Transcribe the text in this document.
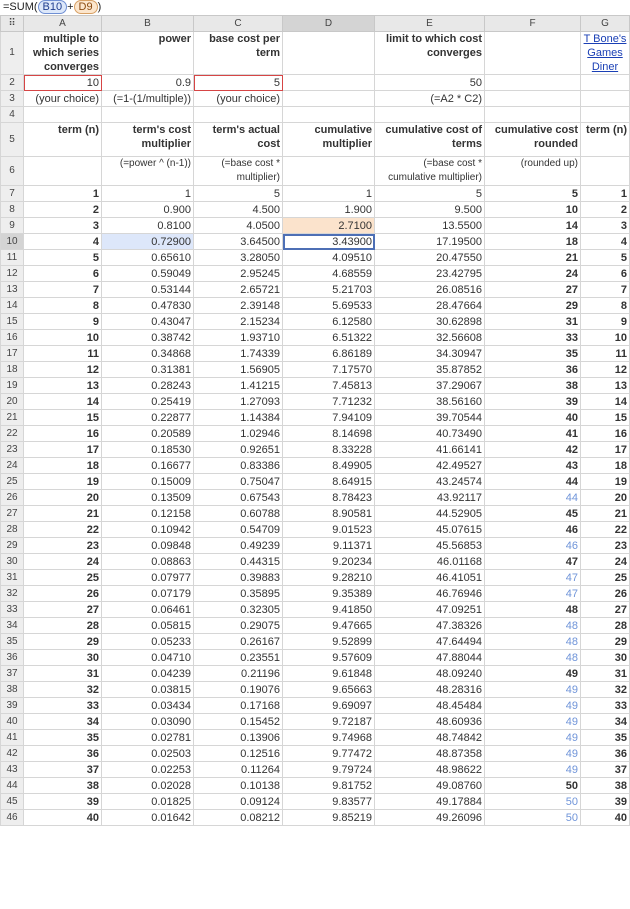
=SUM( B10 + D9 )
⠿	A	B	C	D	E	F	G
1	multiple to which series converges	power	base cost per term		limit to which cost converges		T Bone's Games Diner
2	10	0.9	5		50		
3	(your choice)	(=1-(1/multiple))	(your choice)		(=A2 * C2)		
4							
5	term (n)	term's cost multiplier	term's actual cost	cumulative multiplier	cumulative cost of terms	cumulative cost rounded	term (n)
6		(=power ^ (n-1))	(=base cost * multiplier)		(=base cost * cumulative multiplier)	(rounded up)	
7	1	1	5	1	5	5	1
8	2	0.900	4.500	1.900	9.500	10	2
9	3	0.8100	4.0500	2.7100	13.5500	14	3
10	4	0.72900	3.64500	3.43900	17.19500	18	4
11	5	0.65610	3.28050	4.09510	20.47550	21	5
12	6	0.59049	2.95245	4.68559	23.42795	24	6
13	7	0.53144	2.65721	5.21703	26.08516	27	7
14	8	0.47830	2.39148	5.69533	28.47664	29	8
15	9	0.43047	2.15234	6.12580	30.62898	31	9
16	10	0.38742	1.93710	6.51322	32.56608	33	10
17	11	0.34868	1.74339	6.86189	34.30947	35	11
18	12	0.31381	1.56905	7.17570	35.87852	36	12
19	13	0.28243	1.41215	7.45813	37.29067	38	13
20	14	0.25419	1.27093	7.71232	38.56160	39	14
21	15	0.22877	1.14384	7.94109	39.70544	40	15
22	16	0.20589	1.02946	8.14698	40.73490	41	16
23	17	0.18530	0.92651	8.33228	41.66141	42	17
24	18	0.16677	0.83386	8.49905	42.49527	43	18
25	19	0.15009	0.75047	8.64915	43.24574	44	19
26	20	0.13509	0.67543	8.78423	43.92117	44	20
27	21	0.12158	0.60788	8.90581	44.52905	45	21
28	22	0.10942	0.54709	9.01523	45.07615	46	22
29	23	0.09848	0.49239	9.11371	45.56853	46	23
30	24	0.08863	0.44315	9.20234	46.01168	47	24
31	25	0.07977	0.39883	9.28210	46.41051	47	25
32	26	0.07179	0.35895	9.35389	46.76946	47	26
33	27	0.06461	0.32305	9.41850	47.09251	48	27
34	28	0.05815	0.29075	9.47665	47.38326	48	28
35	29	0.05233	0.26167	9.52899	47.64494	48	29
36	30	0.04710	0.23551	9.57609	47.88044	48	30
37	31	0.04239	0.21196	9.61848	48.09240	49	31
38	32	0.03815	0.19076	9.65663	48.28316	49	32
39	33	0.03434	0.17168	9.69097	48.45484	49	33
40	34	0.03090	0.15452	9.72187	48.60936	49	34
41	35	0.02781	0.13906	9.74968	48.74842	49	35
42	36	0.02503	0.12516	9.77472	48.87358	49	36
43	37	0.02253	0.11264	9.79724	48.98622	49	37
44	38	0.02028	0.10138	9.81752	49.08760	50	38
45	39	0.01825	0.09124	9.83577	49.17884	50	39
46	40	0.01642	0.08212	9.85219	49.26096	50	40
